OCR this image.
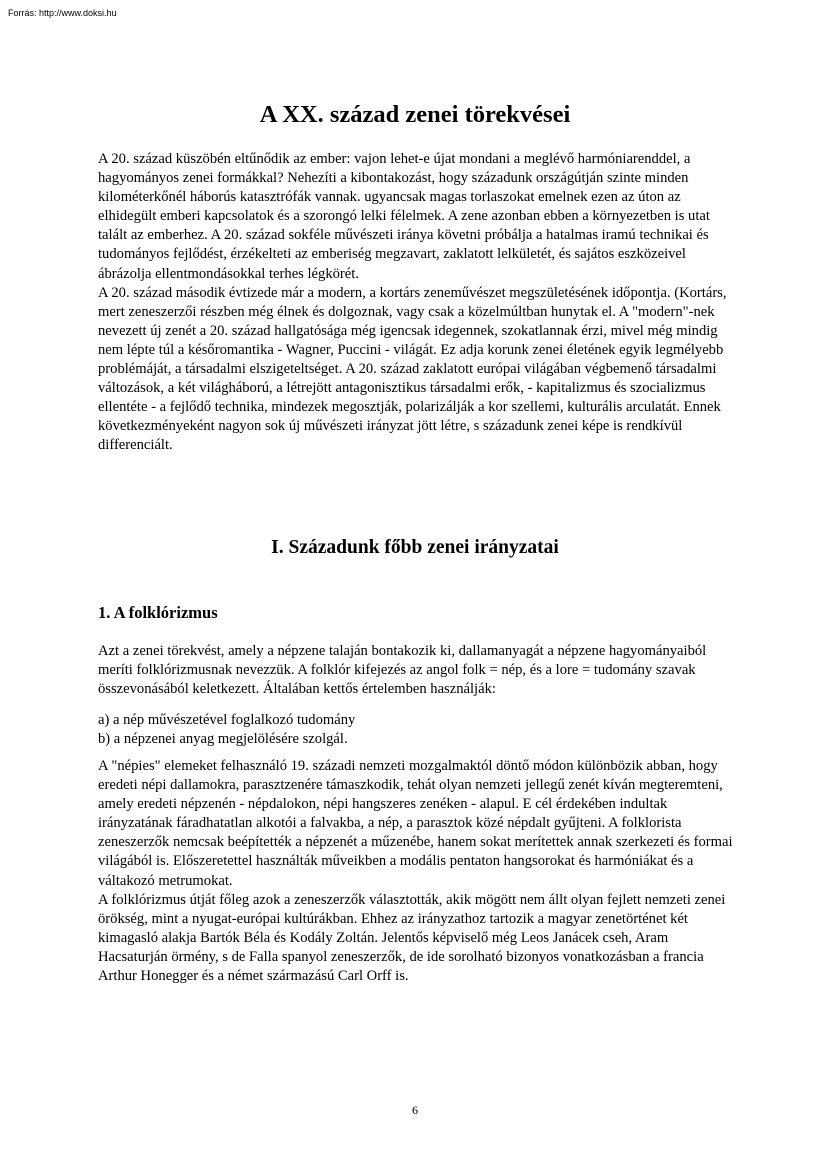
Forrás: http://www.doksi.hu
A XX. század zenei törekvései

A 20. század küszöbén eltűnődik az ember: vajon lehet-e újat mondani a meglévő harmóniarenddel, a hagyományos zenei formákkal? Nehezíti a kibontakozást, hogy századunk országútján szinte minden kilométerkőnél háborús katasztrófák vannak. ugyancsak magas torlaszokat emelnek ezen az úton az elhidegült emberi kapcsolatok és a szorongó lelki félelmek. A zene azonban ebben a környezetben is utat talált az emberhez. A 20. század sokféle művészeti iránya követni próbálja a hatalmas iramú technikai és tudományos fejlődést, érzékelteti az emberiség megzavart, zaklatott lelkületét, és sajátos eszközeivel ábrázolja ellentmondásokkal terhes légkörét.

A 20. század második évtizede már a modern, a kortárs zeneművészet megszületésének időpontja. (Kortárs, mert zeneszerzői részben még élnek és dolgoznak, vagy csak a közelmúltban hunytak el. A "modern"-nek nevezett új zenét a 20. század hallgatósága még igencsak idegennek, szokatlannak érzi, mivel még mindig nem lépte túl a későromantika - Wagner, Puccini - világát. Ez adja korunk zenei életének egyik legmélyebb problémáját, a társadalmi elszigeteltséget. A 20. század zaklatott európai világában végbemenő társadalmi változások, a két világháború, a létrejött antagonisztikus társadalmi erők, - kapitalizmus és szocializmus ellentéte - a fejlődő technika, mindezek megosztják, polarizálják a kor szellemi, kulturális arculatát. Ennek következményeként nagyon sok új művészeti irányzat jött létre, s századunk zenei képe is rendkívül differenciált.

I. Századunk főbb zenei irányzatai
1. A folklórizmus

Azt a zenei törekvést, amely a népzene talaján bontakozik ki, dallamanyagát a népzene hagyományaiból meríti folklórizmusnak nevezzük. A folklór kifejezés az angol folk = nép, és a lore = tudomány szavak összevonásából keletkezett. Általában kettős értelemben használják:

a) a nép művészetével foglalkozó tudomány

b) a népzenei anyag megjelölésére szolgál.

A "népies" elemeket felhasználó 19. századi nemzeti mozgalmaktól döntő módon különbözik abban, hogy eredeti népi dallamokra, parasztzenére támaszkodik, tehát olyan nemzeti jellegű zenét kíván megteremteni, amely eredeti népzenén - népdalokon, népi hangszeres zenéken - alapul. E cél érdekében indultak irányzatának fáradhatatlan alkotói a falvakba, a nép, a parasztok közé népdalt gyűjteni. A folklorista zeneszerzők nemcsak beépítették a népzenét a műzenébe, hanem sokat merítettek annak szerkezeti és formai világából is. Előszeretettel használták műveikben a modális pentaton hangsorokat és harmóniákat és a váltakozó metrumokat.

A folklórizmus útját főleg azok a zeneszerzők választották, akik mögött nem állt olyan fejlett nemzeti zenei örökség, mint a nyugat-európai kultúrákban. Ehhez az irányzathoz tartozik a magyar zenetörténet két kimagasló alakja Bartók Béla és Kodály Zoltán. Jelentős képviselő még Leos Janácek cseh, Aram Hacsaturján örmény, s de Falla spanyol zeneszerzők, de ide sorolható bizonyos vonatkozásban a francia Arthur Honegger és a német származású Carl Orff is.

6
